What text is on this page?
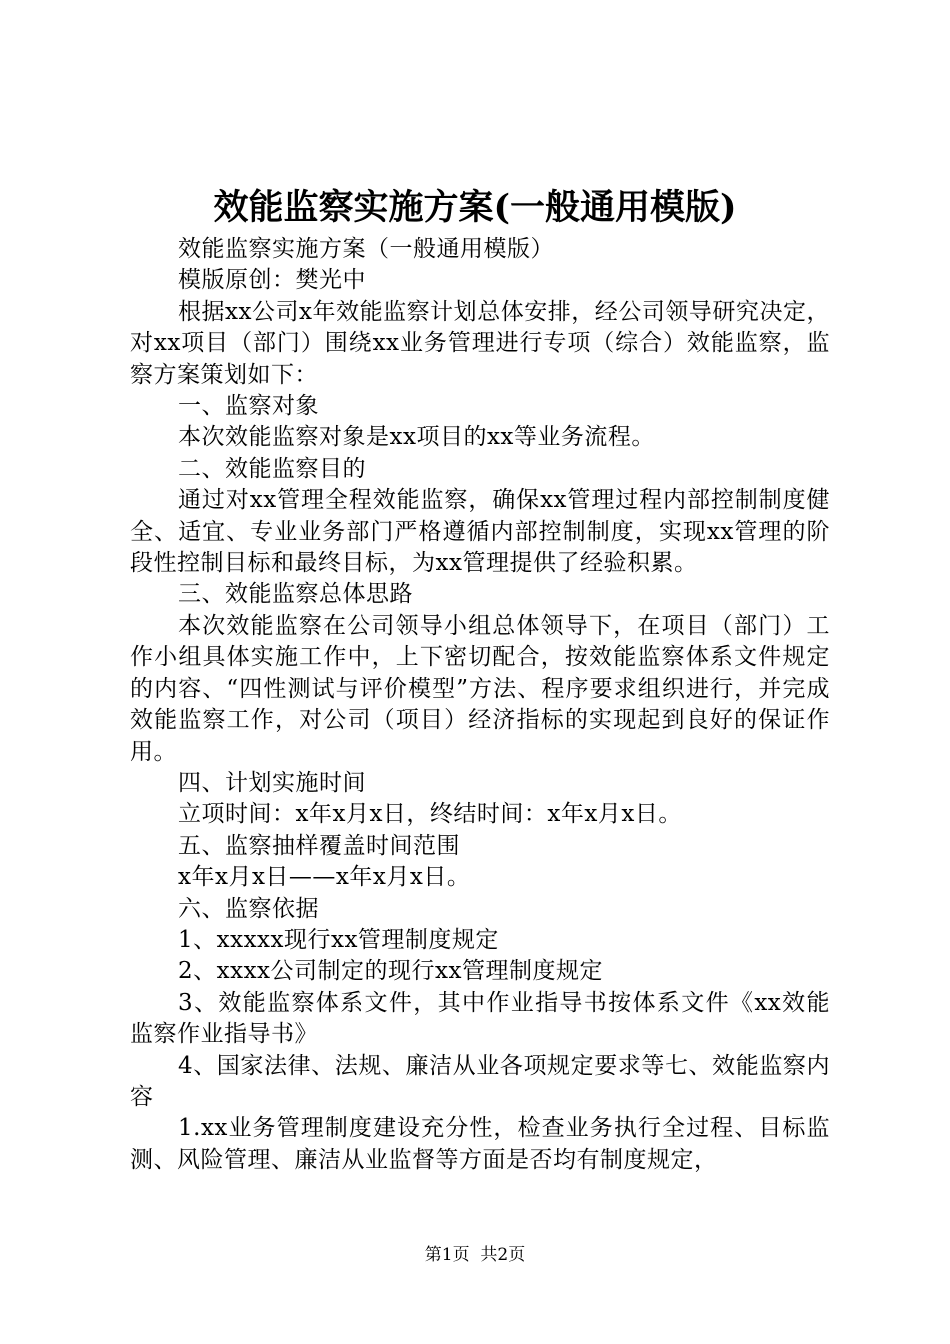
效能监察实施方案(一般通用模版)

效能监察实施方案（一般通用模版）

模版原创：樊光中

根据xx公司x年效能监察计划总体安排，经公司领导研究决定，对xx项目（部门）围绕xx业务管理进行专项（综合）效能监察，监察方案策划如下：

一、监察对象

本次效能监察对象是xx项目的xx等业务流程。

二、效能监察目的

通过对xx管理全程效能监察，确保xx管理过程内部控制制度健全、适宜、专业业务部门严格遵循内部控制制度，实现xx管理的阶段性控制目标和最终目标，为xx管理提供了经验积累。

三、效能监察总体思路

本次效能监察在公司领导小组总体领导下，在项目（部门）工作小组具体实施工作中，上下密切配合，按效能监察体系文件规定的内容、“四性测试与评价模型”方法、程序要求组织进行，并完成效能监察工作，对公司（项目）经济指标的实现起到良好的保证作用。

四、计划实施时间

立项时间：x年x月x日，终结时间：x年x月x日。

五、监察抽样覆盖时间范围

x年x月x日——x年x月x日。

六、监察依据

1、xxxxx现行xx管理制度规定

2、xxxx公司制定的现行xx管理制度规定

3、效能监察体系文件，其中作业指导书按体系文件《xx效能监察作业指导书》

4、国家法律、法规、廉洁从业各项规定要求等七、效能监察内容

1.xx业务管理制度建设充分性，检查业务执行全过程、目标监测、风险管理、廉洁从业监督等方面是否均有制度规定，

第1页  共2页
